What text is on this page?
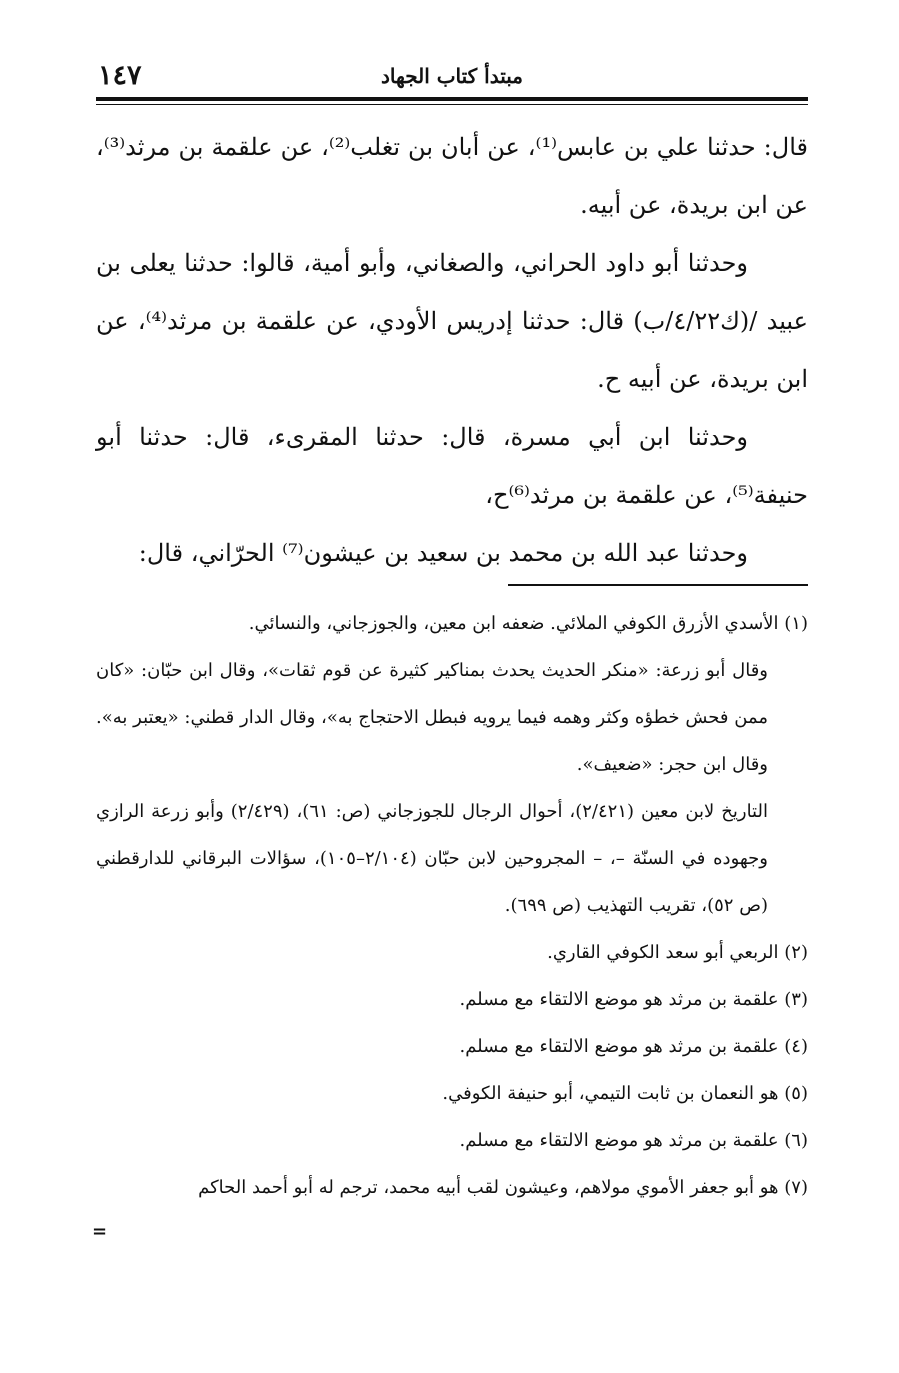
١٤٧	مبتدأ كتاب الجهاد

قال: حدثنا علي بن عابس⁽¹⁾، عن أبان بن تغلب⁽²⁾، عن علقمة بن مرثد⁽³⁾، عن ابن بريدة، عن أبيه.

وحدثنا أبو داود الحراني، والصغاني، وأبو أمية، قالوا: حدثنا يعلى بن عبيد /(ك٤/٢٢/ب) قال: حدثنا إدريس الأودي، عن علقمة بن مرثد⁽⁴⁾، عن ابن بريدة، عن أبيه ح.

وحدثنا ابن أبي مسرة، قال: حدثنا المقرىء، قال: حدثنا أبو حنيفة⁽⁵⁾، عن علقمة بن مرثد⁽⁶⁾ح،

وحدثنا عبد الله بن محمد بن سعيد بن عيشون⁽⁷⁾ الحرّاني، قال:

(١) الأسدي الأزرق الكوفي الملائي. ضعفه ابن معين، والجوزجاني، والنسائي.
وقال أبو زرعة: «منكر الحديث يحدث بمناكير كثيرة عن قوم ثقات»، وقال ابن حبّان: «كان ممن فحش خطؤه وكثر وهمه فيما يرويه فبطل الاحتجاج به»، وقال الدار قطني: «يعتبر به». وقال ابن حجر: «ضعيف».
التاريخ لابن معين (٢/٤٢١)، أحوال الرجال للجوزجاني (ص: ٦١)، (٢/٤٢٩) وأبو زرعة الرازي وجهوده في السنّة –، – المجروحين لابن حبّان (٢/١٠٤–١٠٥)، سؤالات البرقاني للدارقطني (ص ٥٢)، تقريب التهذيب (ص ٦٩٩).

(٢) الربعي أبو سعد الكوفي القاري.

(٣) علقمة بن مرثد هو موضع الالتقاء مع مسلم.

(٤) علقمة بن مرثد هو موضع الالتقاء مع مسلم.

(٥) هو النعمان بن ثابت التيمي، أبو حنيفة الكوفي.

(٦) علقمة بن مرثد هو موضع الالتقاء مع مسلم.

(٧) هو أبو جعفر الأموي مولاهم، وعيشون لقب أبيه محمد، ترجم له أبو أحمد الحاكم

=
